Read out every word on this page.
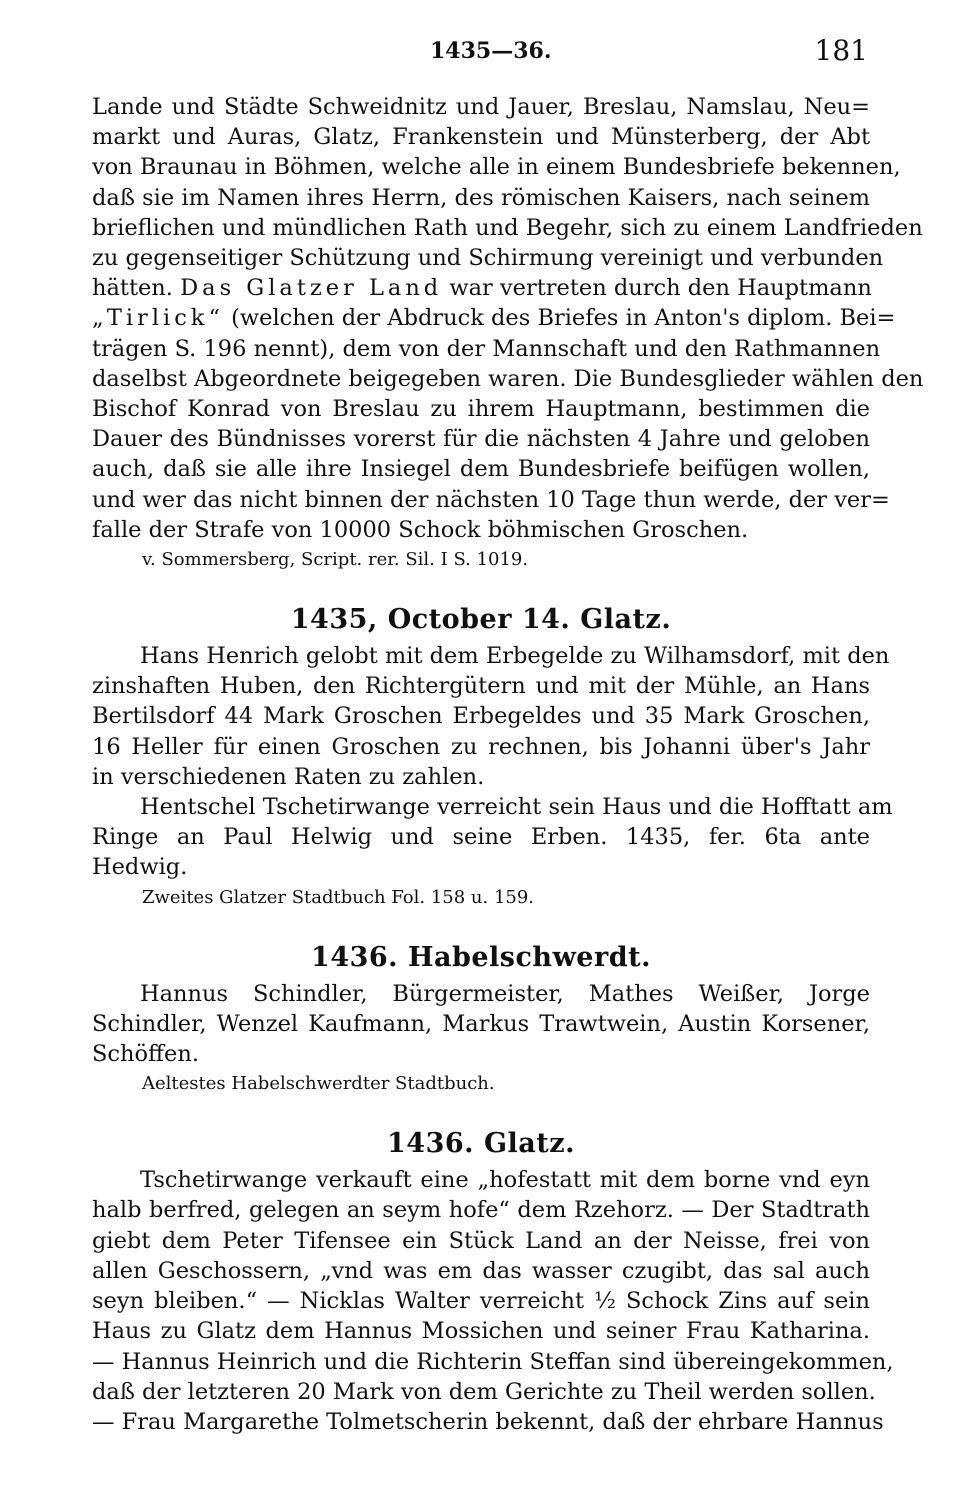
1435—36.	181
Lande und Städte Schweidnitz und Jauer, Breslau, Namslau, Neu=
markt und Auras, Glatz, Frankenstein und Münsterberg, der Abt
von Braunau in Böhmen, welche alle in einem Bundesbriefe bekennen,
daß sie im Namen ihres Herrn, des römischen Kaisers, nach seinem
brieflichen und mündlichen Rath und Begehr, sich zu einem Landfrieden
zu gegenseitiger Schützung und Schirmung vereinigt und verbunden
hätten. Das Glatzer Land war vertreten durch den Hauptmann
„Tirlick“ (welchen der Abdruck des Briefes in Anton's diplom. Bei=
trägen S. 196 nennt), dem von der Mannschaft und den Rathmannen
daselbst Abgeordnete beigegeben waren. Die Bundesglieder wählen den
Bischof Konrad von Breslau zu ihrem Hauptmann, bestimmen die
Dauer des Bündnisses vorerst für die nächsten 4 Jahre und geloben
auch, daß sie alle ihre Insiegel dem Bundesbriefe beifügen wollen,
und wer das nicht binnen der nächsten 10 Tage thun werde, der ver=
falle der Strafe von 10000 Schock böhmischen Groschen.
v. Sommersberg, Script. rer. Sil. I S. 1019.
1435, October 14. Glatz.
Hans Henrich gelobt mit dem Erbegelde zu Wilhamsdorf, mit den
zinshaften Huben, den Richtergütern und mit der Mühle, an Hans
Bertilsdorf 44 Mark Groschen Erbegeldes und 35 Mark Groschen,
16 Heller für einen Groschen zu rechnen, bis Johanni über's Jahr
in verschiedenen Raten zu zahlen.
Hentschel Tschetirwange verreicht sein Haus und die Hofftatt am
Ringe an Paul Helwig und seine Erben. 1435, fer. 6ta ante
Hedwig.
Zweites Glatzer Stadtbuch Fol. 158 u. 159.
1436. Habelschwerdt.
Hannus Schindler, Bürgermeister, Mathes Weißer, Jorge
Schindler, Wenzel Kaufmann, Markus Trawtwein, Austin Korsener,
Schöffen.
Aeltestes Habelschwerdter Stadtbuch.
1436. Glatz.
Tschetirwange verkauft eine „hofestatt mit dem borne vnd eyn
halb berfred, gelegen an seym hofe“ dem Rzehorz. — Der Stadtrath
giebt dem Peter Tifensee ein Stück Land an der Neisse, frei von
allen Geschossern, „vnd was em das wasser czugibt, das sal auch
seyn bleiben.“ — Nicklas Walter verreicht ½ Schock Zins auf sein
Haus zu Glatz dem Hannus Mossichen und seiner Frau Katharina.
— Hannus Heinrich und die Richterin Steffan sind übereingekommen,
daß der letzteren 20 Mark von dem Gerichte zu Theil werden sollen.
— Frau Margarethe Tolmetscherin bekennt, daß der ehrbare Hannus
